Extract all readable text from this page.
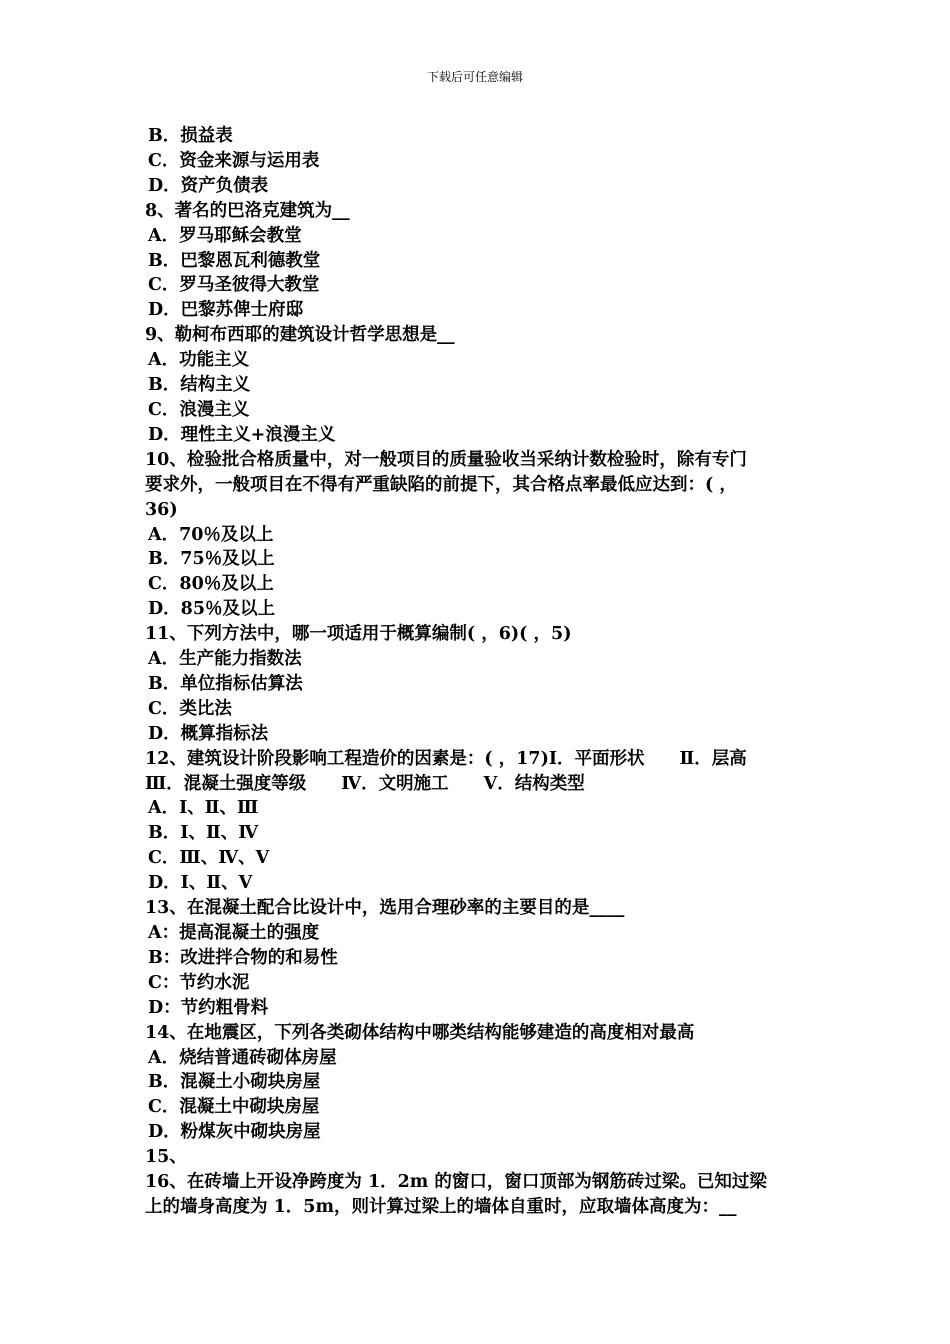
下载后可任意编辑
B．损益表
C．资金来源与运用表
D．资产负债表
8、著名的巴洛克建筑为__
A．罗马耶稣会教堂
B．巴黎恩瓦利德教堂
C．罗马圣彼得大教堂
D．巴黎苏俾士府邸
9、勒柯布西耶的建筑设计哲学思想是__
A．功能主义
B．结构主义
C．浪漫主义
D．理性主义+浪漫主义
10、检验批合格质量中，对一般项目的质量验收当采纳计数检验时，除有专门
要求外，一般项目在不得有严重缺陷的前提下，其合格点率最低应达到：( ，
36)
A．70％及以上
B．75％及以上
C．80％及以上
D．85％及以上
11、下列方法中，哪一项适用于概算编制( ，6)( ，5)
A．生产能力指数法
B．单位指标估算法
C．类比法
D．概算指标法
12、建筑设计阶段影响工程造价的因素是：( ，17)Ⅰ．平面形状　　Ⅱ．层高
Ⅲ．混凝土强度等级　　Ⅳ．文明施工　　Ⅴ．结构类型
A．Ⅰ、Ⅱ、Ⅲ
B．Ⅰ、Ⅱ、Ⅳ
C．Ⅲ、Ⅳ、Ⅴ
D．Ⅰ、Ⅱ、Ⅴ
13、在混凝土配合比设计中，选用合理砂率的主要目的是____
A：提高混凝土的强度
B：改进拌合物的和易性
C：节约水泥
D：节约粗骨料
14、在地震区，下列各类砌体结构中哪类结构能够建造的高度相对最高
A．烧结普通砖砌体房屋
B．混凝土小砌块房屋
C．混凝土中砌块房屋
D．粉煤灰中砌块房屋
15、
16、在砖墙上开设净跨度为 1．2m 的窗口，窗口顶部为钢筋砖过梁。已知过梁
上的墙身高度为 1．5m，则计算过梁上的墙体自重时，应取墙体高度为：__
